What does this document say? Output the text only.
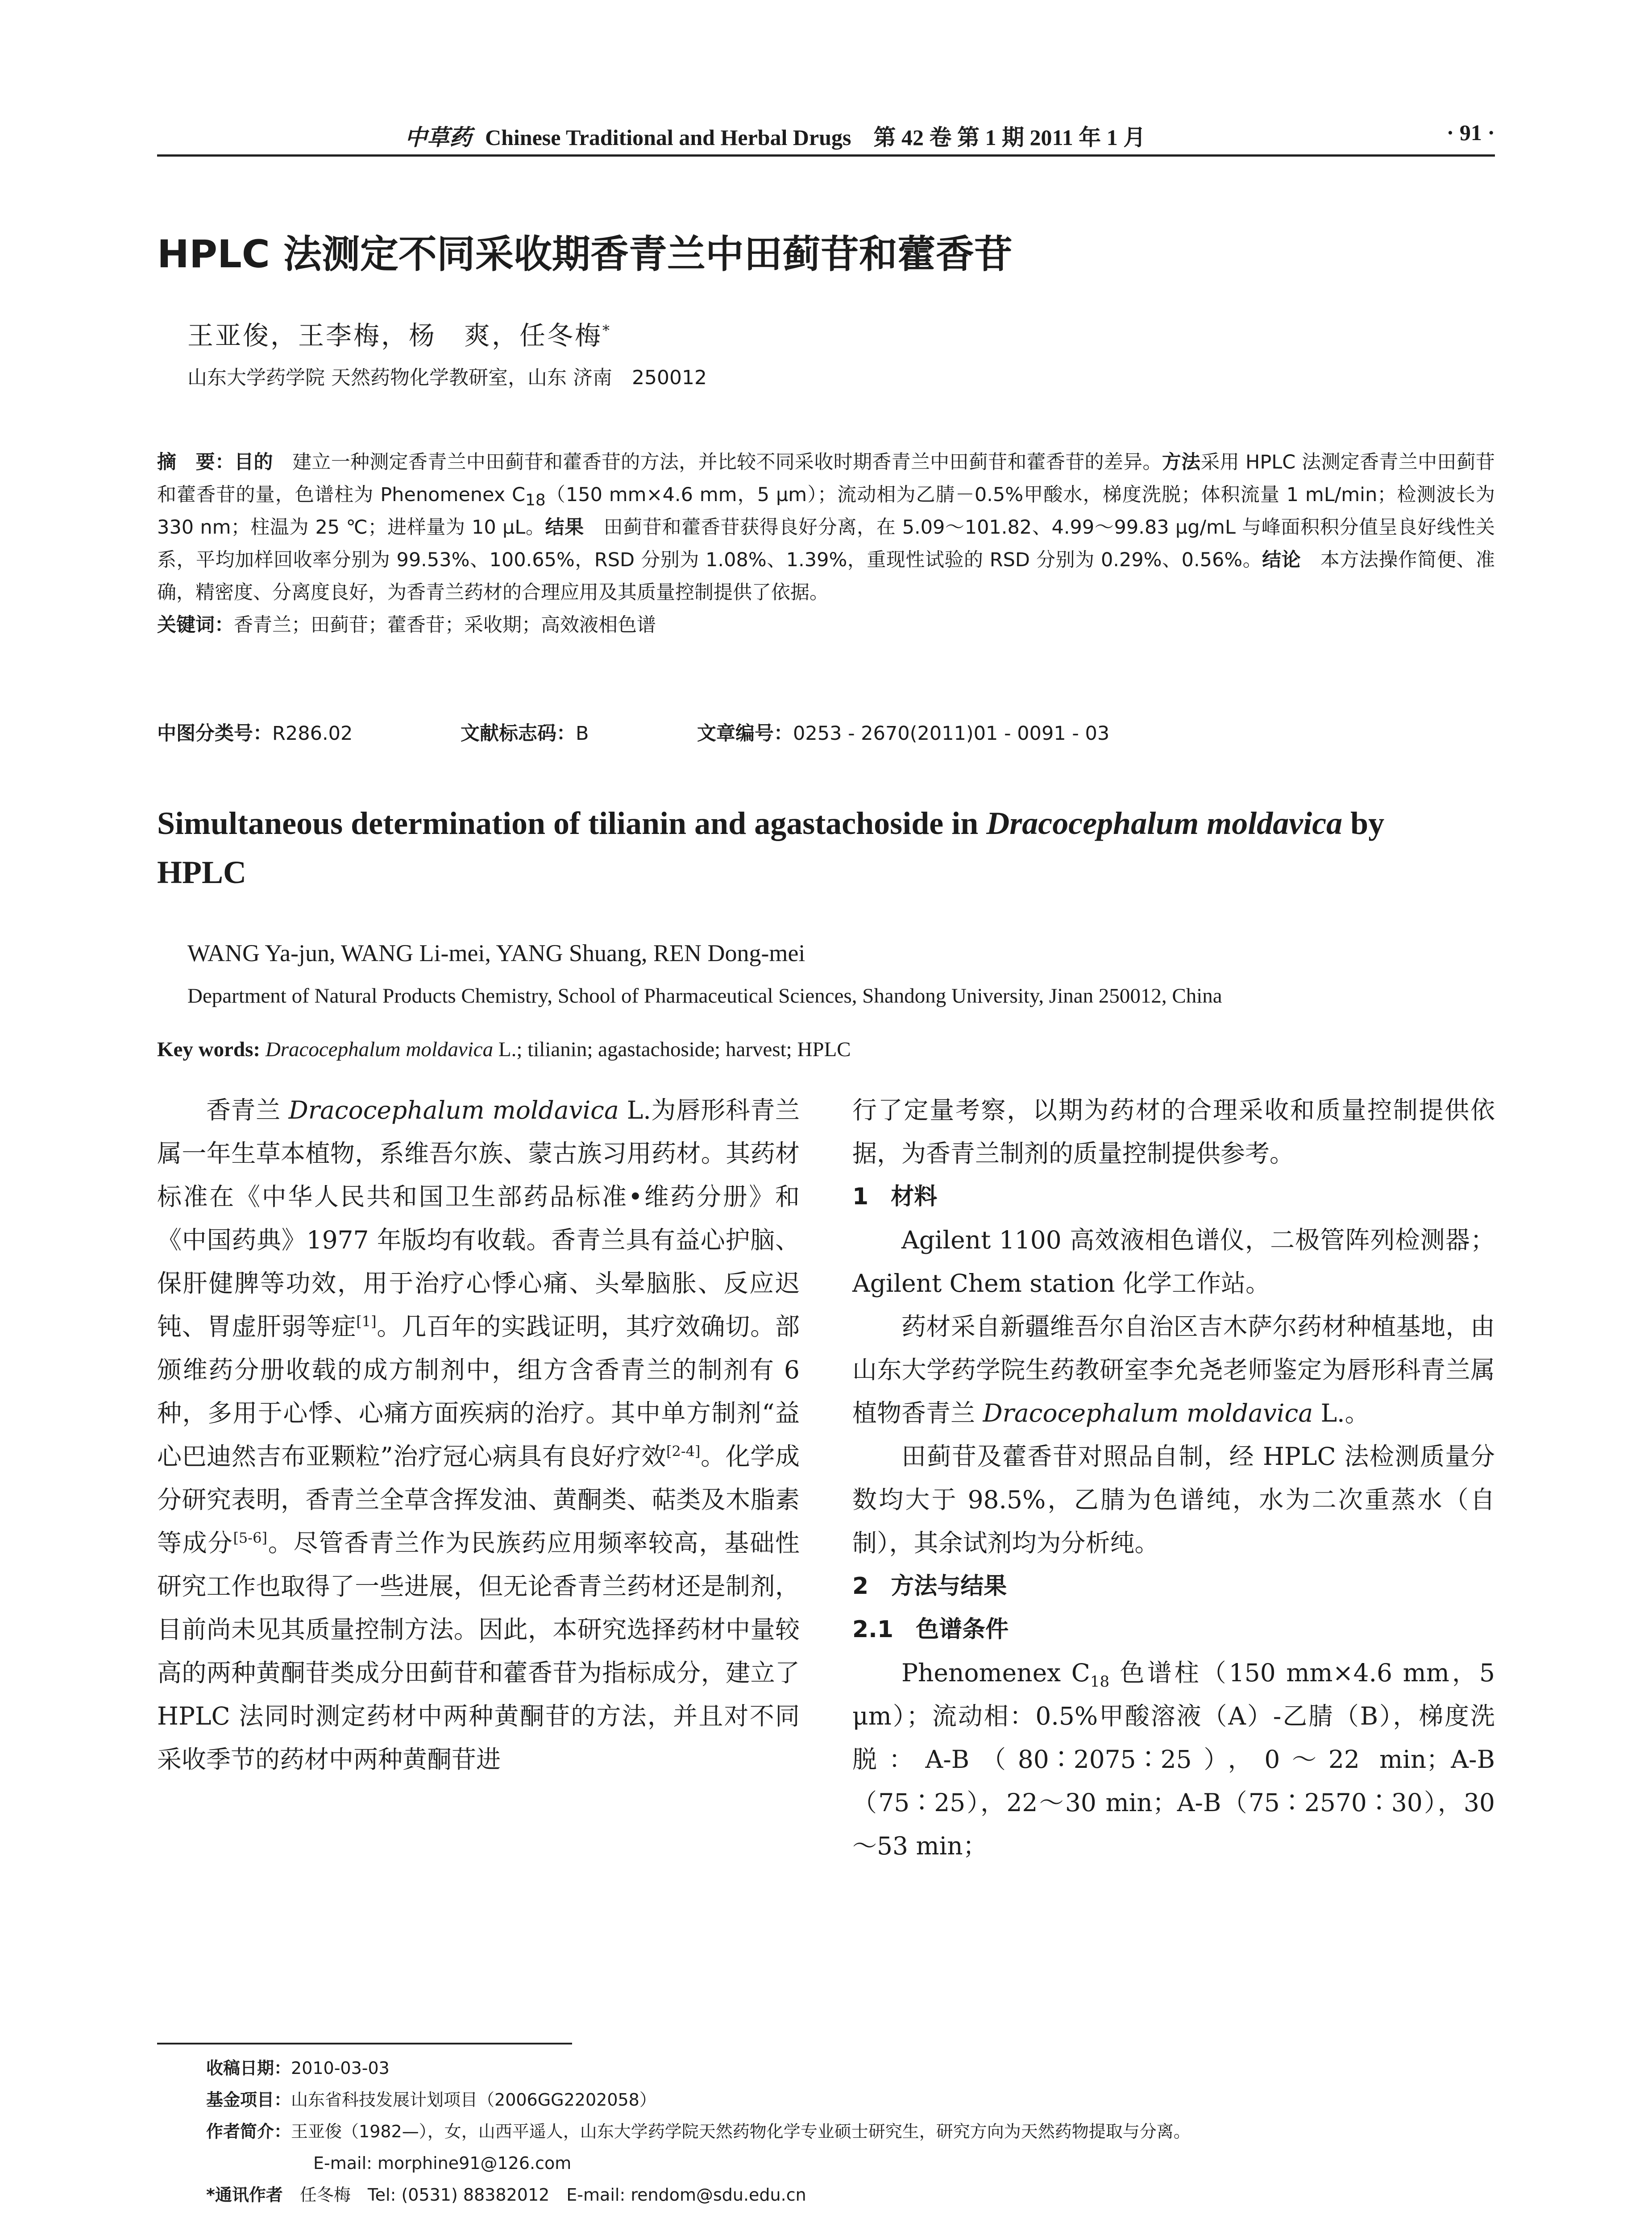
中草药 Chinese Traditional and Herbal Drugs 第 42 卷 第 1 期 2011 年 1 月	· 91 ·
HPLC 法测定不同采收期香青兰中田蓟苷和藿香苷
王亚俊，王李梅，杨　爽，任冬梅*
山东大学药学院 天然药物化学教研室，山东 济南　250012

摘　要：目的　建立一种测定香青兰中田蓟苷和藿香苷的方法，并比较不同采收时期香青兰中田蓟苷和藿香苷的差异。方法采用 HPLC 法测定香青兰中田蓟苷和藿香苷的量，色谱柱为 Phenomenex $C_{18}(150$ mm×4.6 mm，5 μm）；流动相为乙腈－0.5%甲酸水，梯度洗脱；体积流量 1 mL/min；检测波长为 330 nm；柱温为 25 ℃；进样量为 10 μL。结果　田蓟苷和藿香苷获得良好分离，在 5.09～101.82、4.99～99.83 μg/mL 与峰面积积分值呈良好线性关系，平均加样回收率分别为 99.53%、100.65%，RSD 分别为 1.08%、1.39%，重现性试验的 RSD 分别为 0.29%、0.56%。结论　本方法操作简便、准确，精密度、分离度良好，为香青兰药材的合理应用及其质量控制提供了依据。

关键词：香青兰；田蓟苷；藿香苷；采收期；高效液相色谱

中图分类号：R286.02	文献标志码：B	文章编号：0253 - 2670(2011)01 - 0091 - 03
Simultaneous determination of tilianin and agastachoside in Dracocephalum moldavica by HPLC
WANG Ya-jun, WANG Li-mei, YANG Shuang, REN Dong-mei
Department of Natural Products Chemistry, School of Pharmaceutical Sciences, Shandong University, Jinan 250012, China
Key words: Dracocephalum moldavica L.; tilianin; agastachoside; harvest; HPLC

香青兰 Dracocephalum moldavica L.为唇形科青兰属一年生草本植物，系维吾尔族、蒙古族习用药材。其药材标准在《中华人民共和国卫生部药品标准•维药分册》和《中国药典》1977 年版均有收载。香青兰具有益心护脑、保肝健脾等功效，用于治疗心悸心痛、头晕脑胀、反应迟钝、胃虚肝弱等症[1]。几百年的实践证明，其疗效确切。部颁维药分册收载的成方制剂中，组方含香青兰的制剂有 6 种，多用于心悸、心痛方面疾病的治疗。其中单方制剂“益心巴迪然吉布亚颗粒”治疗冠心病具有良好疗效[2-4]。化学成分研究表明，香青兰全草含挥发油、黄酮类、萜类及木脂素等成分[5-6]。尽管香青兰作为民族药应用频率较高，基础性研究工作也取得了一些进展，但无论香青兰药材还是制剂，目前尚未见其质量控制方法。因此，本研究选择药材中量较高的两种黄酮苷类成分田蓟苷和藿香苷为指标成分，建立了 HPLC 法同时测定药材中两种黄酮苷的方法，并且对不同采收季节的药材中两种黄酮苷进

行了定量考察，以期为药材的合理采收和质量控制提供依据，为香青兰制剂的质量控制提供参考。

1 材料

Agilent 1100 高效液相色谱仪，二极管阵列检测器；Agilent Chem station 化学工作站。

药材采自新疆维吾尔自治区吉木萨尔药材种植基地，由山东大学药学院生药教研室李允尧老师鉴定为唇形科青兰属植物香青兰 Dracocephalum moldavica L.。

田蓟苷及藿香苷对照品自制，经 HPLC 法检测质量分数均大于 98.5%，乙腈为色谱纯，水为二次重蒸水（自制），其余试剂均为分析纯。

2 方法与结果
2.1 色谱条件

Phenomenex $C_{18}$ 色谱柱（150 mm×4.6 mm，5 μm）；流动相：0.5%甲酸溶液（A）-乙腈（B），梯度洗脱：A-B（80∶2075∶25），0～22 min；A-B（75∶25），22～30 min；A-B（75∶2570∶30），30～53 min；

收稿日期：2010-03-03
基金项目：山东省科技发展计划项目（2006GG2202058）
作者简介：王亚俊（1982—），女，山西平遥人，山东大学药学院天然药物化学专业硕士研究生，研究方向为天然药物提取与分离。
E-mail: morphine91@126.com
*通讯作者　任冬梅　Tel: (0531) 88382012　E-mail: rendom@sdu.edu.cn
